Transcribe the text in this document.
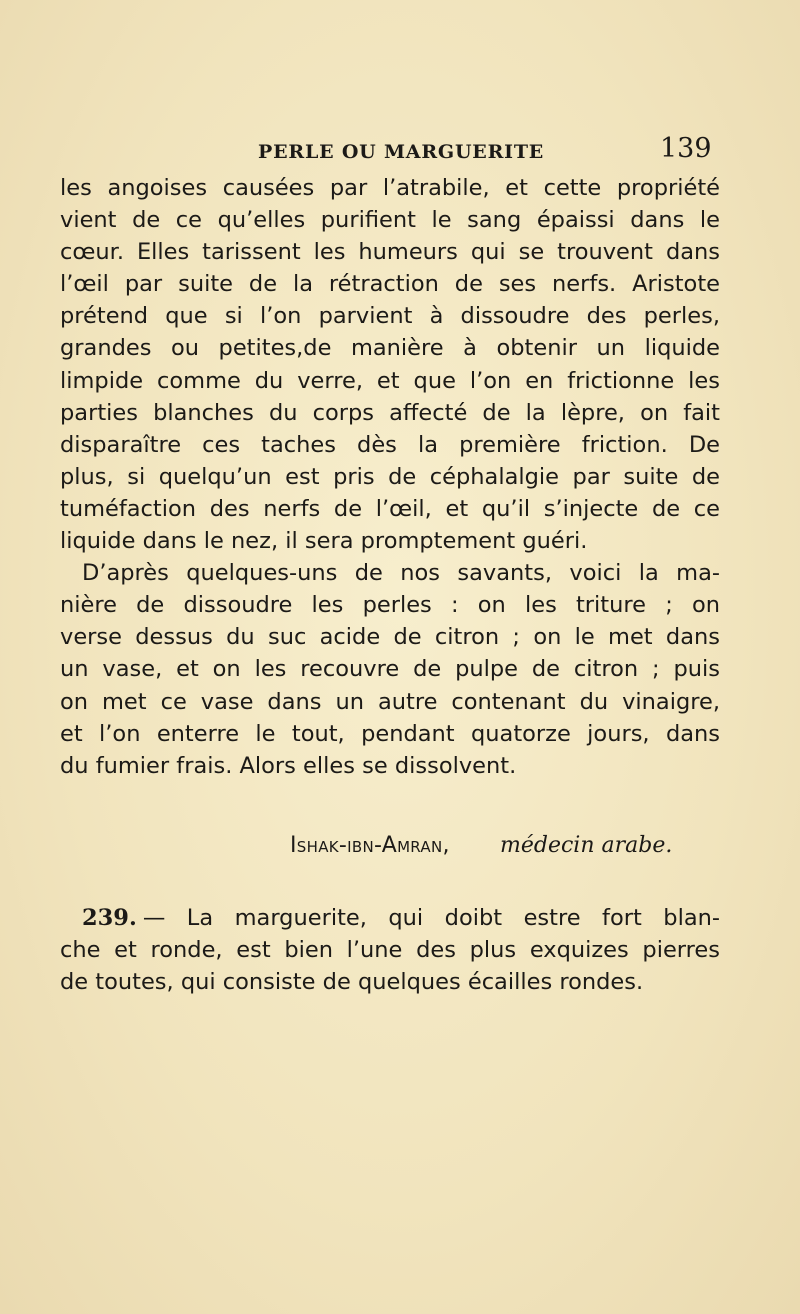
PERLE OU MARGUERITE	139
les angoises causées par l’atrabile, et cette propriété
vient de ce qu’elles purifient le sang épaissi dans le
cœur. Elles tarissent les humeurs qui se trouvent dans
l’œil par suite de la rétraction de ses nerfs. Aristote
prétend que si l’on parvient à dissoudre des perles,
grandes ou petites,de manière à obtenir un liquide
limpide comme du verre, et que l’on en frictionne les
parties blanches du corps affecté de la lèpre, on fait
disparaître ces taches dès la première friction. De
plus, si quelqu’un est pris de céphalalgie par suite de
tuméfaction des nerfs de l’œil, et qu’il s’injecte de ce
liquide dans le nez, il sera promptement guéri.
D’après quelques-uns de nos savants, voici la ma-
nière de dissoudre les perles : on les triture ; on
verse dessus du suc acide de citron ; on le met dans
un vase, et on les recouvre de pulpe de citron ; puis
on met ce vase dans un autre contenant du vinaigre,
et l’on enterre le tout, pendant quatorze jours, dans
du fumier frais. Alors elles se dissolvent.
Ishak-ibn-Amran, médecin arabe.
239. — La marguerite, qui doibt estre fort blan-
che et ronde, est bien l’une des plus exquizes pierres
de toutes, qui consiste de quelques écailles rondes.
